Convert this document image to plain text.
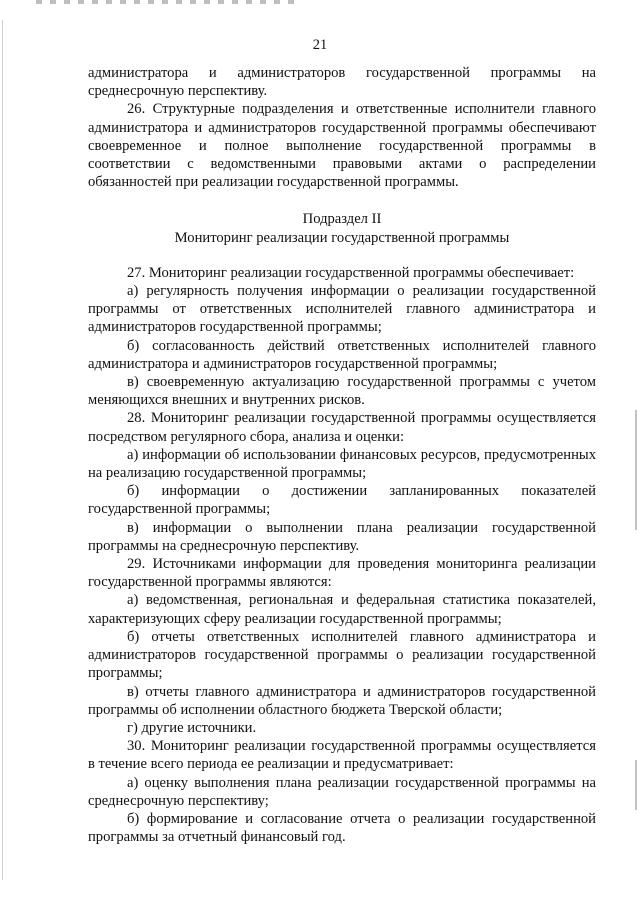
21

администратора и администраторов государственной программы на среднесрочную перспективу.

26. Структурные подразделения и ответственные исполнители главного администратора и администраторов государственной программы обеспечивают своевременное и полное выполнение государственной программы в соответствии с ведомственными правовыми актами о распределении обязанностей при реализации государственной программы.

Подраздел II

Мониторинг реализации государственной программы

27. Мониторинг реализации государственной программы обеспечивает:

а) регулярность получения информации о реализации государственной программы от ответственных исполнителей главного администратора и администраторов государственной программы;

б) согласованность действий ответственных исполнителей главного администратора и администраторов государственной программы;

в) своевременную актуализацию государственной программы с учетом меняющихся внешних и внутренних рисков.

28. Мониторинг реализации государственной программы осуществляется посредством регулярного сбора, анализа и оценки:

а) информации об использовании финансовых ресурсов, предусмотренных на реализацию государственной программы;

б) информации о достижении запланированных показателей государственной программы;

в) информации о выполнении плана реализации государственной программы на среднесрочную перспективу.

29. Источниками информации для проведения мониторинга реализации государственной программы являются:

а) ведомственная, региональная и федеральная статистика показателей, характеризующих сферу реализации государственной программы;

б) отчеты ответственных исполнителей главного администратора и администраторов государственной программы о реализации государственной программы;

в) отчеты главного администратора и администраторов государственной программы об исполнении областного бюджета Тверской области;

г) другие источники.

30. Мониторинг реализации государственной программы осуществляется в течение всего периода ее реализации и предусматривает:

а) оценку выполнения плана реализации государственной программы на среднесрочную перспективу;

б) формирование и согласование отчета о реализации государственной программы за отчетный финансовый год.
